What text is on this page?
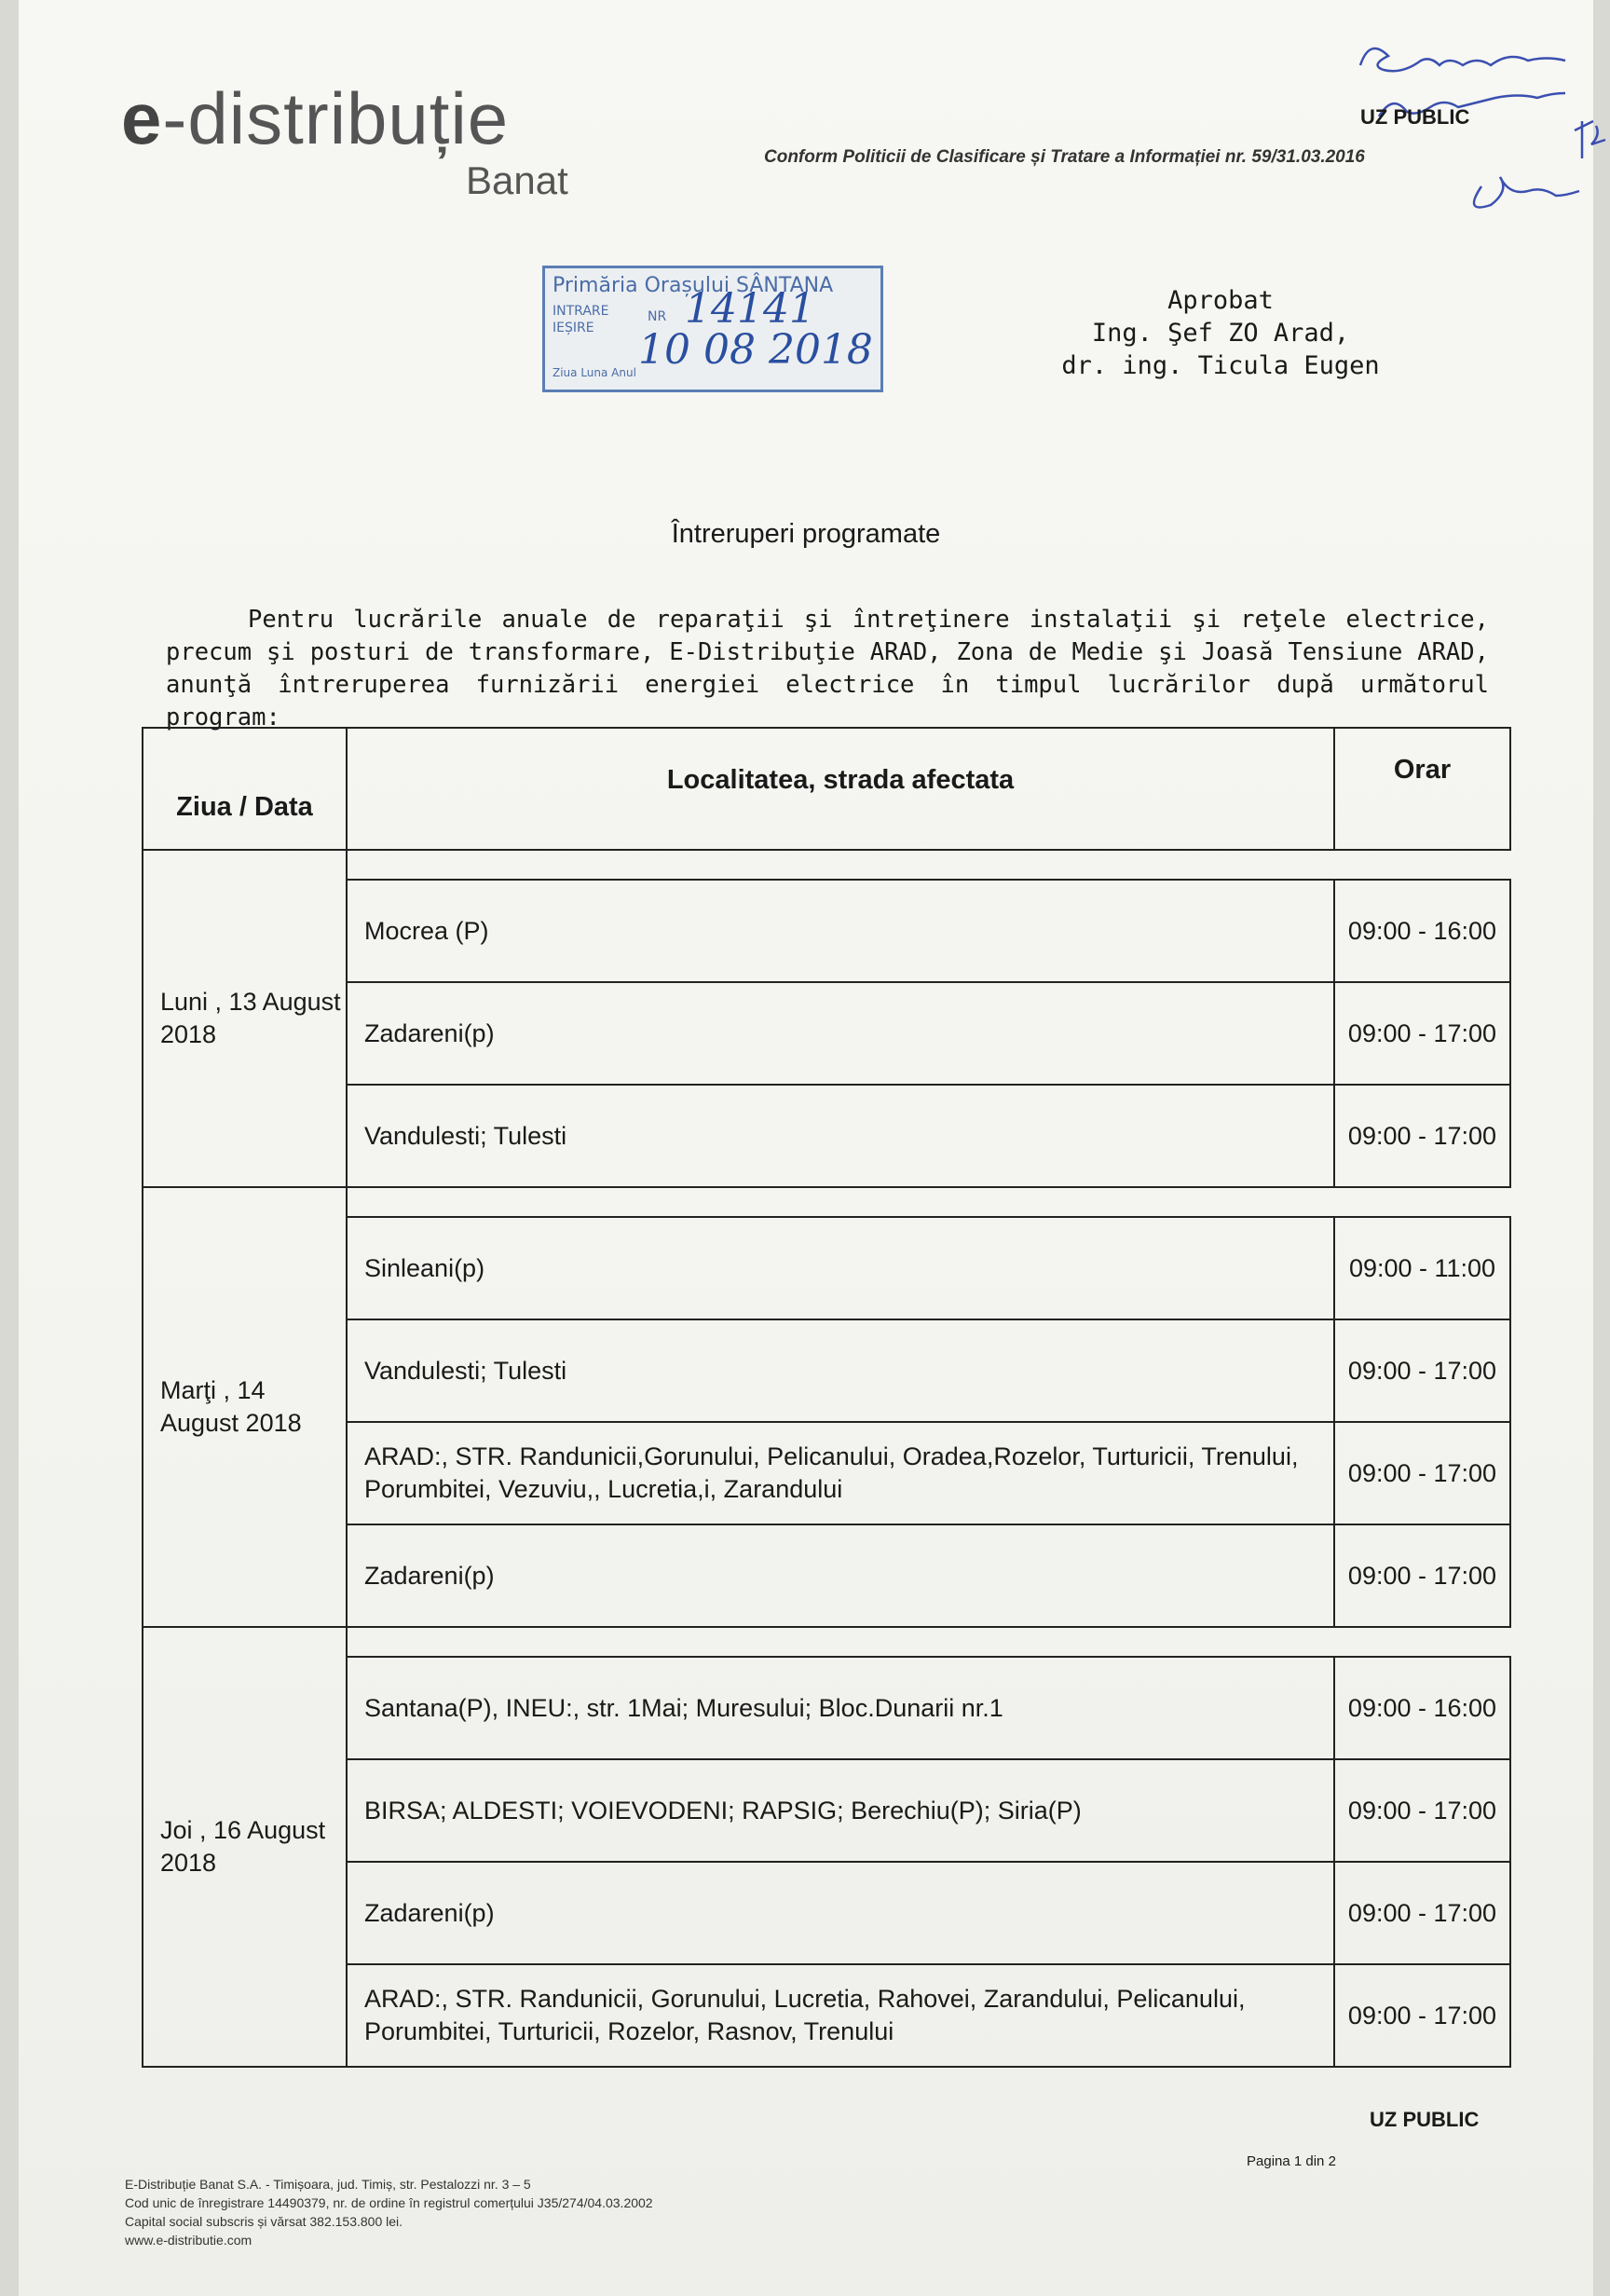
e-distribuție
Banat
UZ PUBLIC
Conform Politicii de Clasificare și Tratare a Informației nr. 59/31.03.2016
Primăria Orașului SÂNTANA
INTRARE
IEȘIRE
NR 14141
10 08 2018
Ziua Luna Anul
Aprobat
Ing. Şef ZO Arad,
dr. ing. Ticula Eugen
Întreruperi programate
Pentru lucrările anuale de reparaţii şi întreţinere instalaţii şi reţele electrice, precum şi posturi de transformare, E-Distribuţie ARAD, Zona de Medie şi Joasă Tensiune ARAD, anunţă întreruperea furnizării energiei electrice în timpul lucrărilor după următorul program:
Ziua / Data	Localitatea, strada afectata	Orar
Luni , 13 August 2018		
	Mocrea (P)	09:00 - 16:00
	Zadareni(p)	09:00 - 17:00
	Vandulesti; Tulesti	09:00 - 17:00
Marţi , 14 August 2018		
	Sinleani(p)	09:00 - 11:00
	Vandulesti; Tulesti	09:00 - 17:00
	ARAD:, STR. Randunicii,Gorunului, Pelicanului, Oradea,Rozelor, Turturicii, Trenului, Porumbitei, Vezuviu,, Lucretia,i, Zarandului	09:00 - 17:00
	Zadareni(p)	09:00 - 17:00
Joi , 16 August 2018		
	Santana(P), INEU:, str. 1Mai; Muresului; Bloc.Dunarii nr.1	09:00 - 16:00
	BIRSA; ALDESTI; VOIEVODENI; RAPSIG; Berechiu(P); Siria(P)	09:00 - 17:00
	Zadareni(p)	09:00 - 17:00
	ARAD:, STR. Randunicii, Gorunului, Lucretia, Rahovei, Zarandului, Pelicanului, Porumbitei, Turturicii, Rozelor, Rasnov, Trenului	09:00 - 17:00
UZ PUBLIC
Pagina 1 din 2
E-Distribuție Banat S.A. - Timișoara, jud. Timiș, str. Pestalozzi nr. 3 – 5
Cod unic de înregistrare 14490379, nr. de ordine în registrul comerțului J35/274/04.03.2002
Capital social subscris și vărsat 382.153.800 lei.
www.e-distributie.com
